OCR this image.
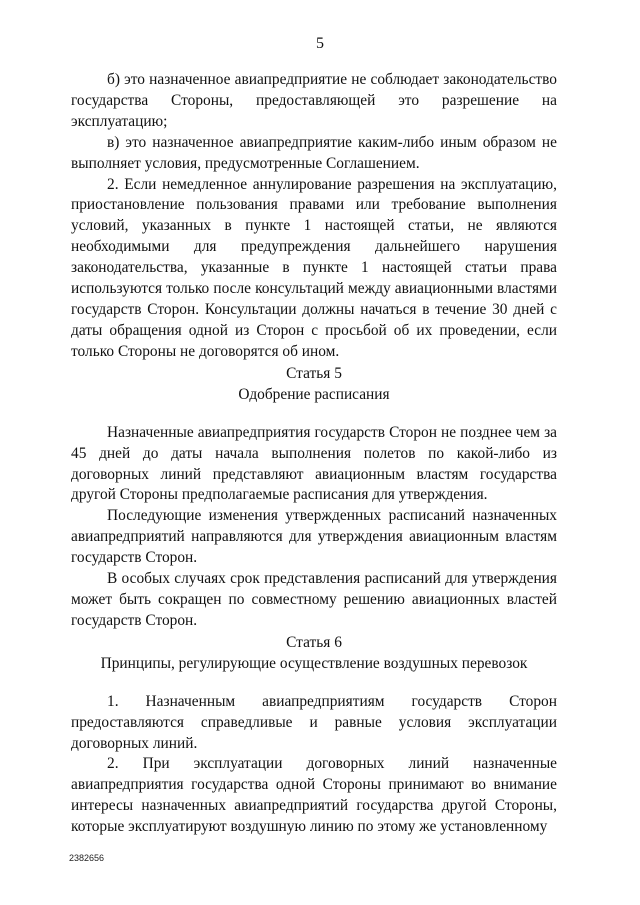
5

б) это назначенное авиапредприятие не соблюдает законодательство государства Стороны, предоставляющей это разрешение на эксплуатацию;

в) это назначенное авиапредприятие каким-либо иным образом не выполняет условия, предусмотренные Соглашением.

2. Если немедленное аннулирование разрешения на эксплуатацию, приостановление пользования правами или требование выполнения условий, указанных в пункте 1 настоящей статьи, не являются необходимыми для предупреждения дальнейшего нарушения законодательства, указанные в пункте 1 настоящей статьи права используются только после консультаций между авиационными властями государств Сторон. Консультации должны начаться в течение 30 дней с даты обращения одной из Сторон с просьбой об их проведении, если только Стороны не договорятся об ином.

Статья 5
Одобрение расписания

Назначенные авиапредприятия государств Сторон не позднее чем за 45 дней до даты начала выполнения полетов по какой-либо из договорных линий представляют авиационным властям государства другой Стороны предполагаемые расписания для утверждения.

Последующие изменения утвержденных расписаний назначенных авиапредприятий направляются для утверждения авиационным властям государств Сторон.

В особых случаях срок представления расписаний для утверждения может быть сокращен по совместному решению авиационных властей государств Сторон.

Статья 6
Принципы, регулирующие осуществление воздушных перевозок

1. Назначенным авиапредприятиям государств Сторон предоставляются справедливые и равные условия эксплуатации договорных линий.

2. При эксплуатации договорных линий назначенные авиапредприятия государства одной Стороны принимают во внимание интересы назначенных авиапредприятий государства другой Стороны, которые эксплуатируют воздушную линию по этому же установленному

2382656
